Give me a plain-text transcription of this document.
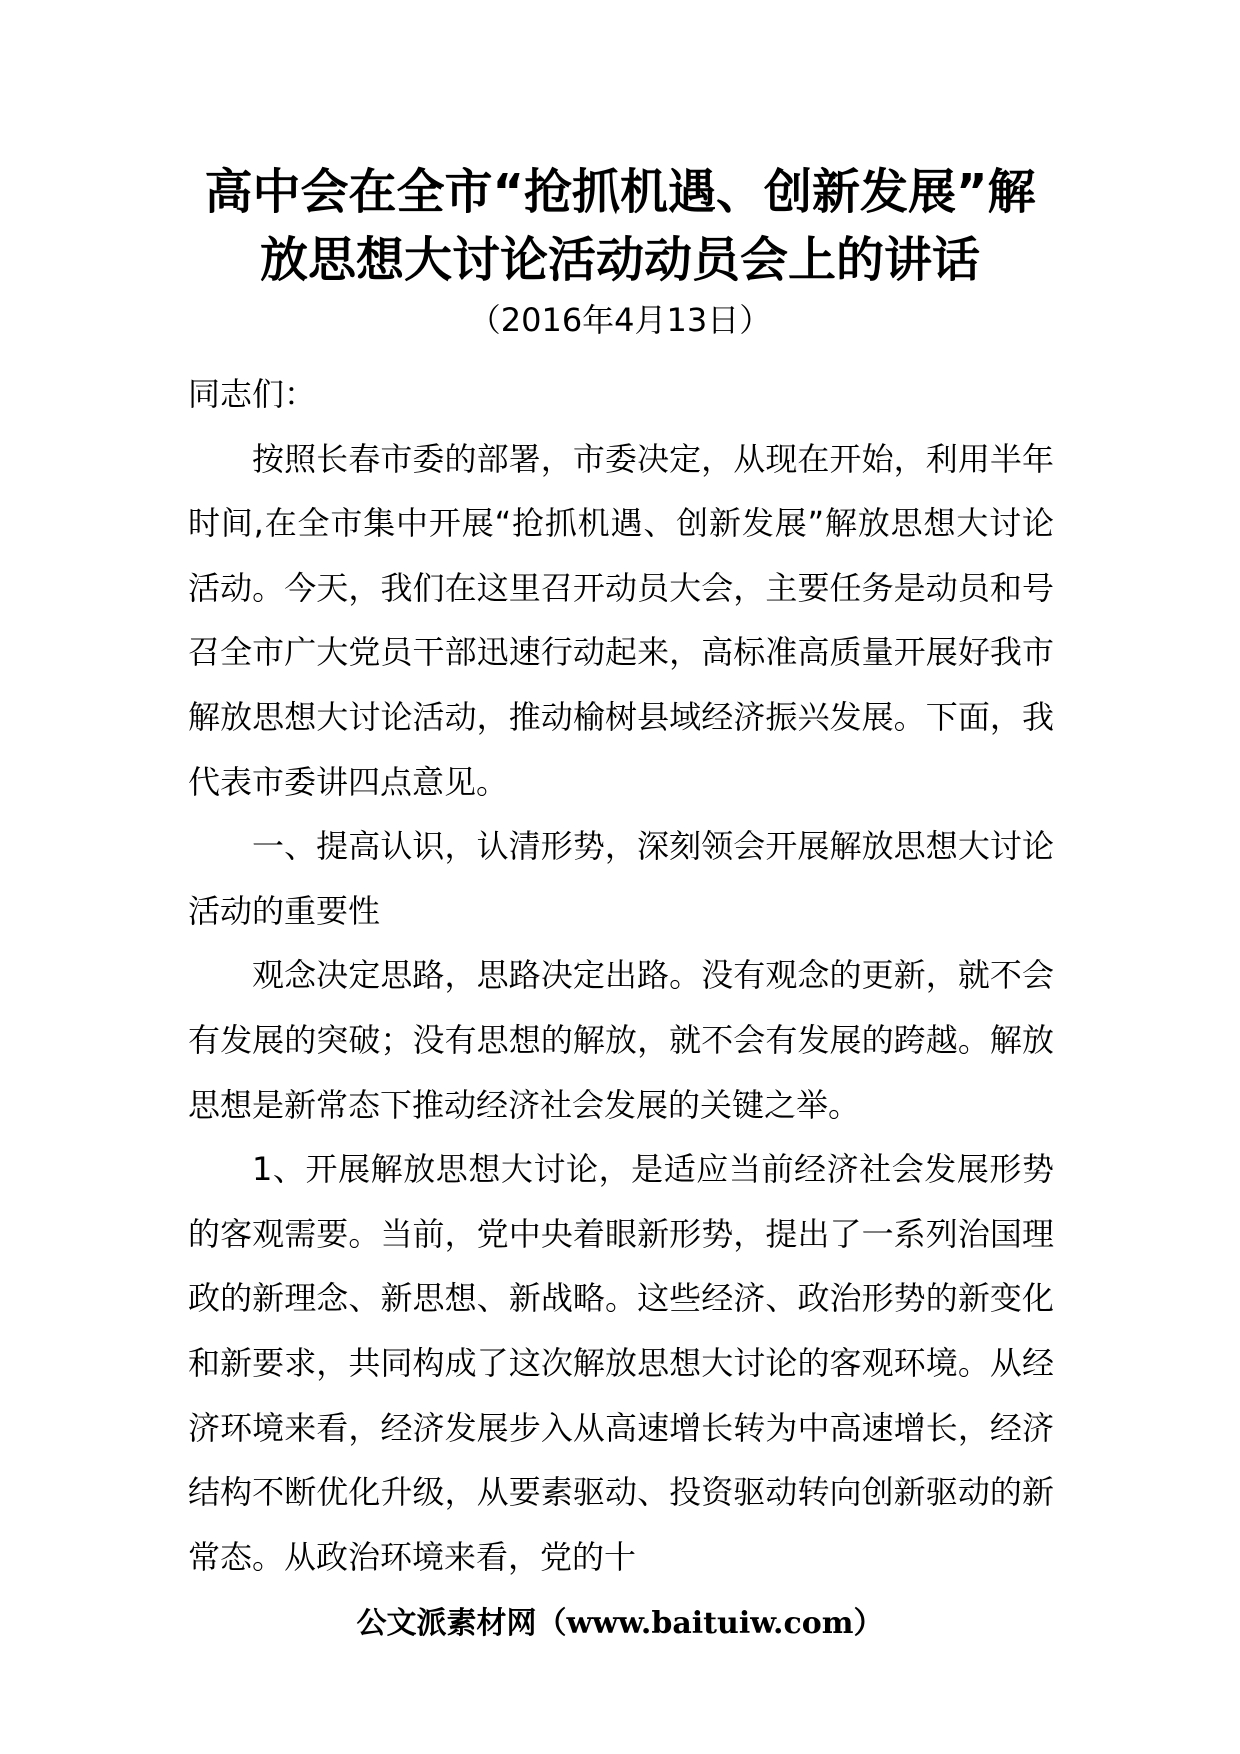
高中会在全市“抢抓机遇、创新发展”解
放思想大讨论活动动员会上的讲话
（2016年4月13日）

同志们：

按照长春市委的部署，市委决定，从现在开始，利用半年时间,在全市集中开展“抢抓机遇、创新发展”解放思想大讨论活动。今天，我们在这里召开动员大会，主要任务是动员和号召全市广大党员干部迅速行动起来，高标准高质量开展好我市解放思想大讨论活动，推动榆树县域经济振兴发展。下面，我代表市委讲四点意见。

一、提高认识，认清形势，深刻领会开展解放思想大讨论活动的重要性

观念决定思路，思路决定出路。没有观念的更新，就不会有发展的突破；没有思想的解放，就不会有发展的跨越。解放思想是新常态下推动经济社会发展的关键之举。

1、开展解放思想大讨论，是适应当前经济社会发展形势的客观需要。当前，党中央着眼新形势，提出了一系列治国理政的新理念、新思想、新战略。这些经济、政治形势的新变化和新要求，共同构成了这次解放思想大讨论的客观环境。从经济环境来看，经济发展步入从高速增长转为中高速增长，经济结构不断优化升级，从要素驱动、投资驱动转向创新驱动的新常态。从政治环境来看，党的十

公文派素材网（www.baituiw.com）
